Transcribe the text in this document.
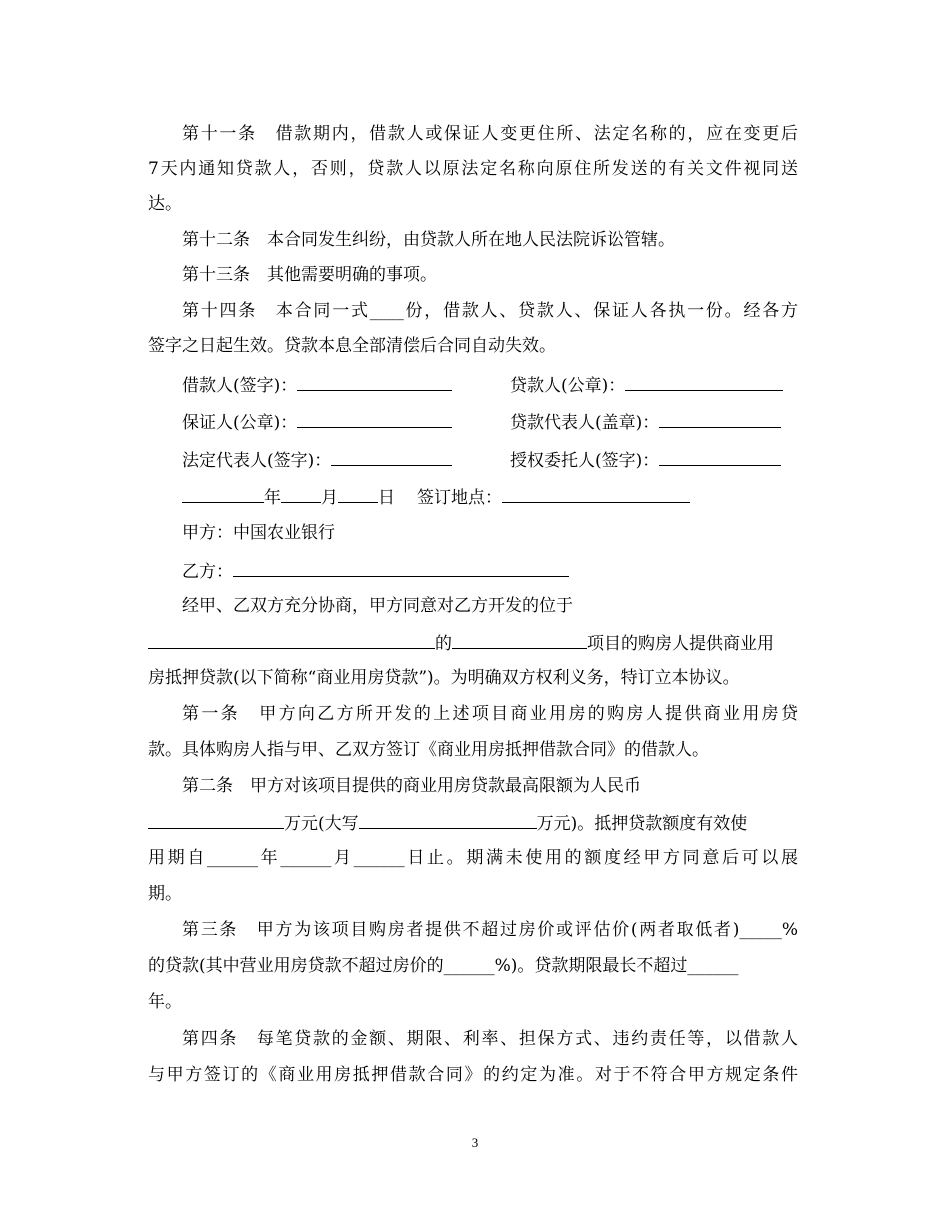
第十一条　借款期内，借款人或保证人变更住所、法定名称的，应在变更后
7天内通知贷款人，否则，贷款人以原法定名称向原住所发送的有关文件视同送
达。
第十二条　本合同发生纠纷，由贷款人所在地人民法院诉讼管辖。
第十三条　其他需要明确的事项。
第十四条　本合同一式____份，借款人、贷款人、保证人各执一份。经各方
签字之日起生效。贷款本息全部清偿后合同自动失效。
借款人(签字)：	贷款人(公章)：
保证人(公章)：	贷款代表人(盖章)：
法定代表人(签字)：	授权委托人(签字)：
年 月 日 签订地点：
甲方：中国农业银行
乙方：
经甲、乙双方充分协商，甲方同意对乙方开发的位于
的	项目的购房人提供商业用
房抵押贷款(以下简称“商业用房贷款”)。为明确双方权利义务，特订立本协议。
第一条　甲方向乙方所开发的上述项目商业用房的购房人提供商业用房贷
款。具体购房人指与甲、乙双方签订《商业用房抵押借款合同》的借款人。
第二条　甲方对该项目提供的商业用房贷款最高限额为人民币
万元(大写	万元)。抵押贷款额度有效使
用期自______年______月______日止。期满未使用的额度经甲方同意后可以展
期。
第三条　甲方为该项目购房者提供不超过房价或评估价(两者取低者)_____%
的贷款(其中营业用房贷款不超过房价的______%)。贷款期限最长不超过______
年。
第四条　每笔贷款的金额、期限、利率、担保方式、违约责任等，以借款人
与甲方签订的《商业用房抵押借款合同》的约定为准。对于不符合甲方规定条件
3
